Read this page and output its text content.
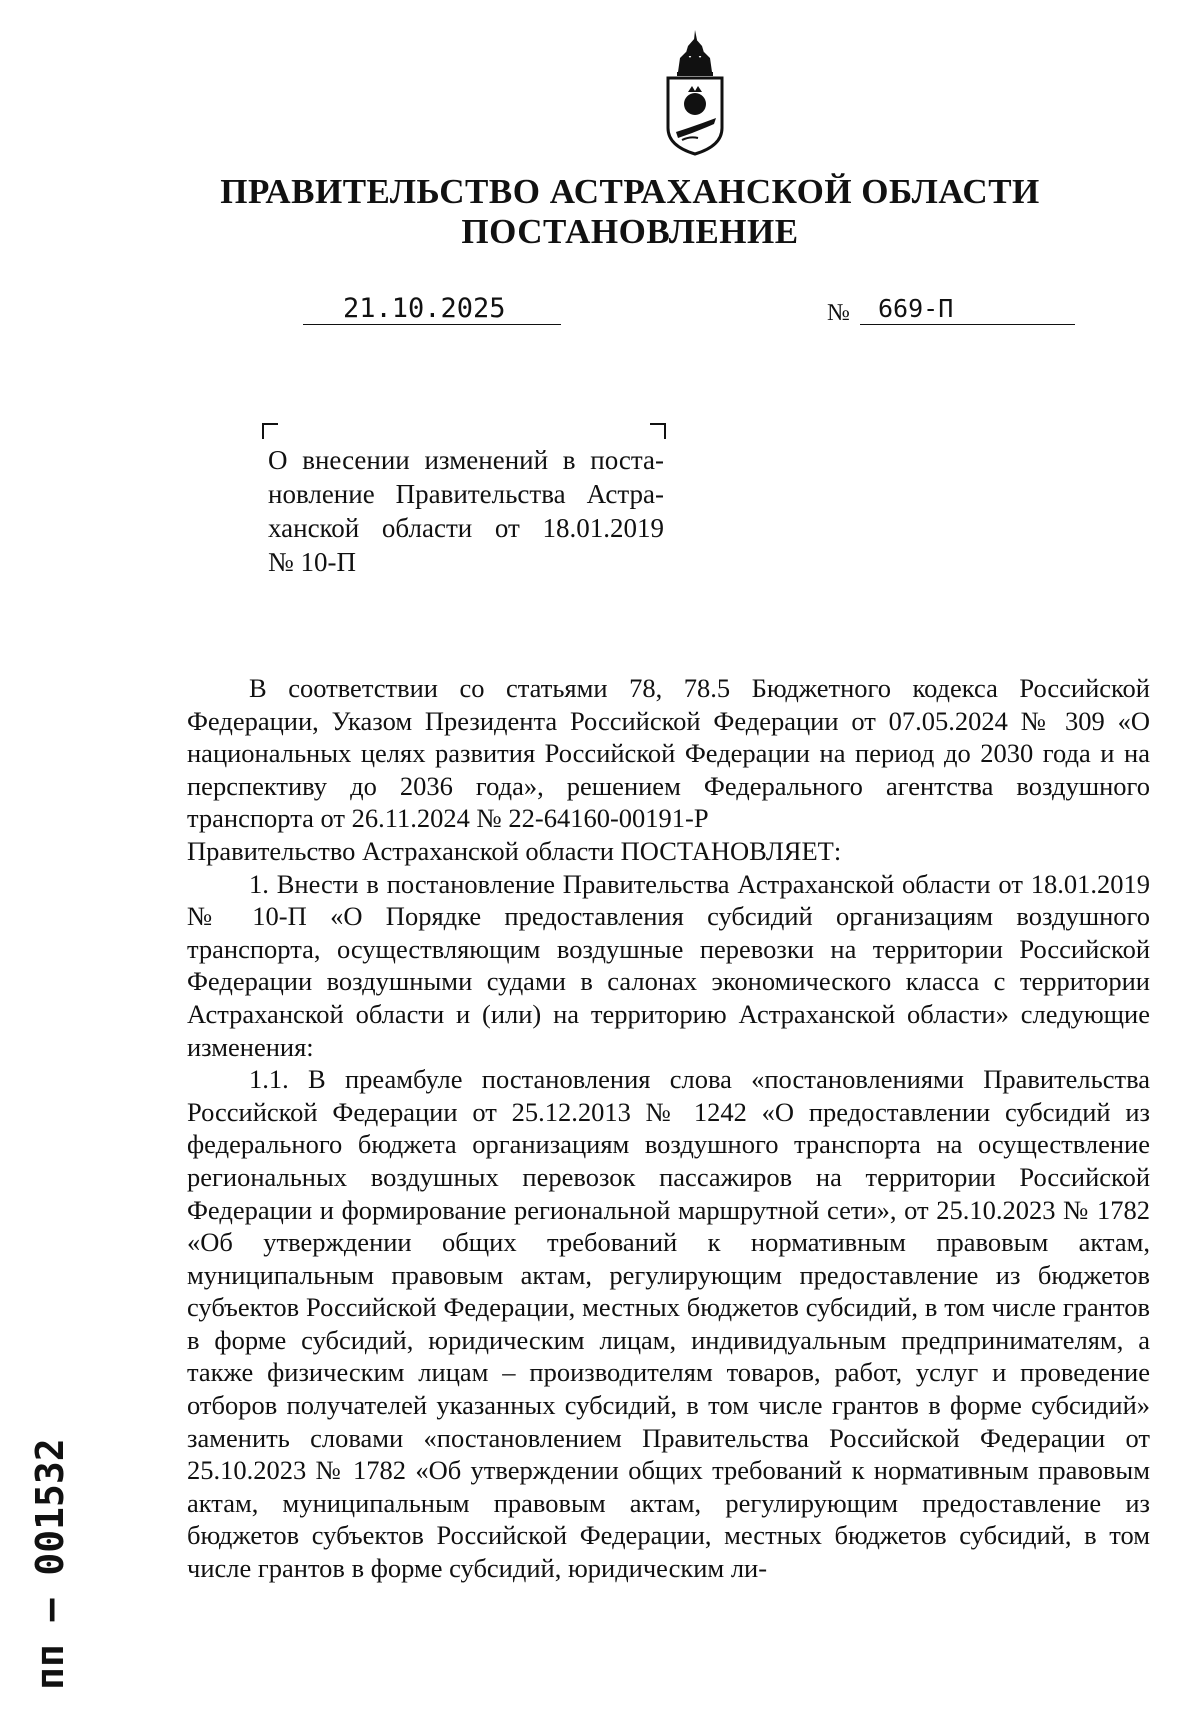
ПРАВИТЕЛЬСТВО АСТРАХАНСКОЙ ОБЛАСТИ
ПОСТАНОВЛЕНИЕ
21.10.2025	№ 669-П
О внесении изменений в поста-
новление Правительства Астра-
ханской области от 18.01.2019
№ 10-П

В соответствии со статьями 78, 78.5 Бюджетного кодекса Российской Федерации, Указом Президента Российской Федерации от 07.05.2024 № 309 «О национальных целях развития Российской Федерации на период до 2030 года и на перспективу до 2036 года», решением Федерального агентства воздушного транспорта от 26.11.2024 № 22-64160-00191-Р

Правительство Астраханской области ПОСТАНОВЛЯЕТ:

1. Внести в постановление Правительства Астраханской области от 18.01.2019 № 10-П «О Порядке предоставления субсидий организациям воздушного транспорта, осуществляющим воздушные перевозки на территории Российской Федерации воздушными судами в салонах экономического класса с территории Астраханской области и (или) на территорию Астраханской области» следующие изменения:

1.1. В преамбуле постановления слова «постановлениями Правительства Российской Федерации от 25.12.2013 № 1242 «О предоставлении субсидий из федерального бюджета организациям воздушного транспорта на осуществление региональных воздушных перевозок пассажиров на территории Российской Федерации и формирование региональной маршрутной сети», от 25.10.2023 № 1782 «Об утверждении общих требований к нормативным правовым актам, муниципальным правовым актам, регулирующим предоставление из бюджетов субъектов Российской Федерации, местных бюджетов субсидий, в том числе грантов в форме субсидий, юридическим лицам, индивидуальным предпринимателям, а также физическим лицам – производителям товаров, работ, услуг и проведение отборов получателей указанных субсидий, в том числе грантов в форме субсидий» заменить словами «постановлением Правительства Российской Федерации от 25.10.2023 № 1782 «Об утверждении общих требований к нормативным правовым актам, муниципальным правовым актам, регулирующим предоставление из бюджетов субъектов Российской Федерации, местных бюджетов субсидий, в том числе грантов в форме субсидий, юридическим ли-

пп – 001532
